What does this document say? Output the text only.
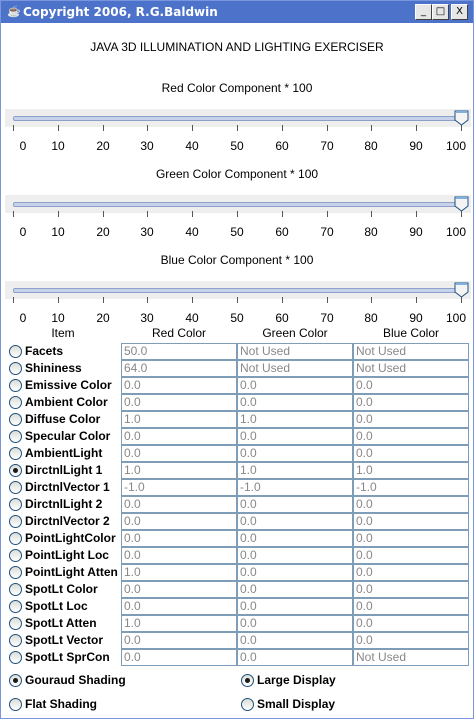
☕ Copyright 2006, R.G.Baldwin	_ □	X
JAVA 3D ILLUMINATION AND LIGHTING EXERCISER
Red Color Component * 100
0	10	20	30	40	50	60	70	80	90	100
Green Color Component * 100
0	10	20	30	40	50	60	70	80	90	100
Blue Color Component * 100
0	10	20	30	40	50	60	70	80	90	100
Item	Red Color	Green Color	Blue Color
Facets	50.0	Not Used	Not Used
Shininess	64.0	Not Used	Not Used
Emissive Color 0.0	0.0	0.0
Ambient Color 0.0	0.0	0.0
Diffuse Color 1.0	1.0	0.0
Specular Color 0.0	0.0	0.0
AmbientLight 0.0	0.0	0.0
DirctnlLight 1 1.0	1.0	1.0
DirctnlVector 1 -1.0	-1.0	-1.0
DirctnlLight 2 0.0	0.0	0.0
DirctnlVector 2 0.0	0.0	0.0
PointLightColor 0.0	0.0	0.0
PointLight Loc 0.0	0.0	0.0
PointLight Atten 1.0	0.0	0.0
SpotLt Color 0.0	0.0	0.0
SpotLt Loc	0.0	0.0	0.0
SpotLt Atten 1.0	0.0	0.0
SpotLt Vector 0.0	0.0	0.0
SpotLt SprCon 0.0	0.0	Not Used
Gouraud Shading	Large Display
Flat Shading	Small Display
